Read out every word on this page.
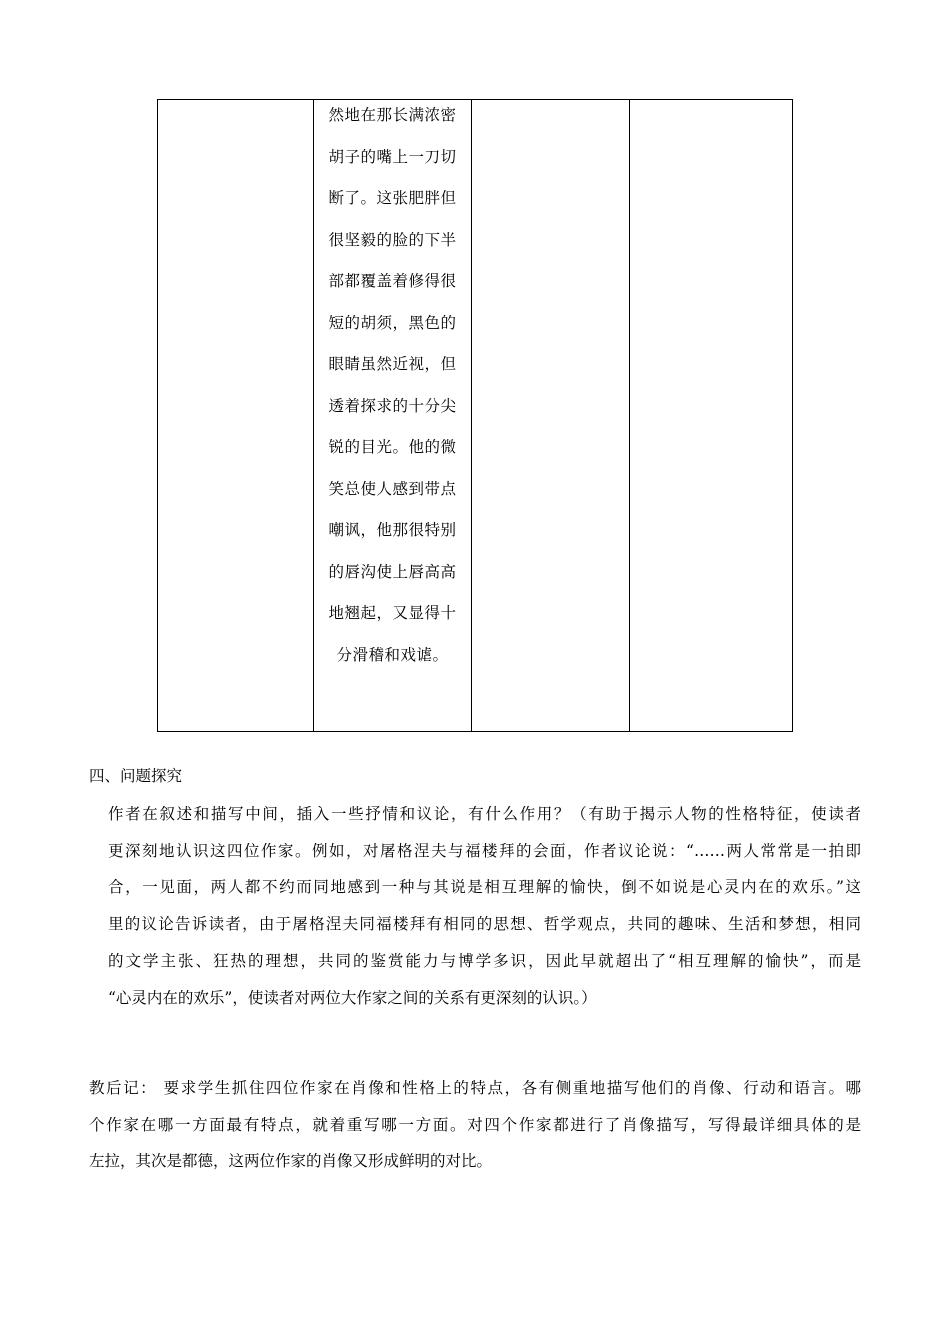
然地在那长满浓密
胡子的嘴上一刀切
断了。这张肥胖但
很坚毅的脸的下半
部都覆盖着修得很
短的胡须，黑色的
眼睛虽然近视，但
透着探求的十分尖
锐的目光。他的微
笑总使人感到带点
嘲讽，他那很特别
的唇沟使上唇高高
地翘起，又显得十
分滑稽和戏谑。

四、问题探究
作者在叙述和描写中间，插入一些抒情和议论，有什么作用？（有助于揭示人物的性格特征，使读者
更深刻地认识这四位作家。例如，对屠格涅夫与福楼拜的会面，作者议论说：“……两人常常是一拍即
合，一见面，两人都不约而同地感到一种与其说是相互理解的愉快，倒不如说是心灵内在的欢乐。”这
里的议论告诉读者，由于屠格涅夫同福楼拜有相同的思想、哲学观点，共同的趣味、生活和梦想，相同
的文学主张、狂热的理想，共同的鉴赏能力与博学多识，因此早就超出了“相互理解的愉快”，而是
“心灵内在的欢乐”，使读者对两位大作家之间的关系有更深刻的认识。）
教后记： 要求学生抓住四位作家在肖像和性格上的特点，各有侧重地描写他们的肖像、行动和语言。哪
个作家在哪一方面最有特点，就着重写哪一方面。对四个作家都进行了肖像描写，写得最详细具体的是
左拉，其次是都德，这两位作家的肖像又形成鲜明的对比。
